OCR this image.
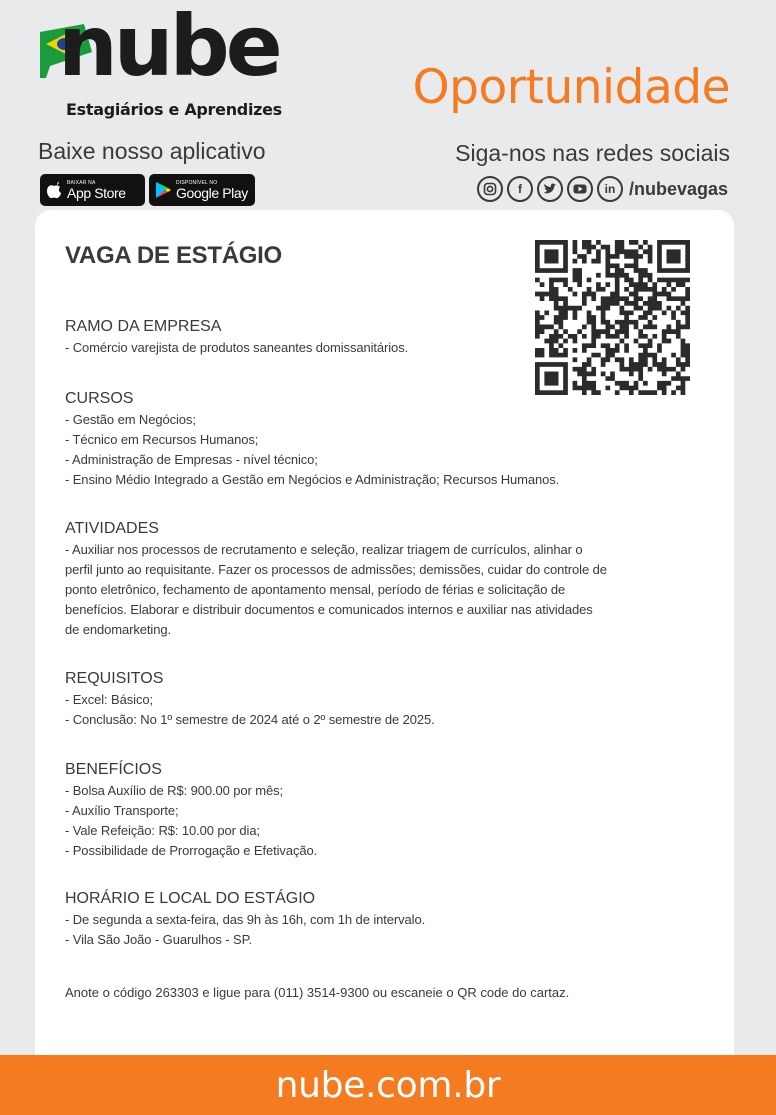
nube
Estagiários e Aprendizes	Oportunidade
Baixe nosso aplicativo
BAIXAR NA
App Store
DISPONÍVEL NO
Google Play
Siga-nos nas redes sociais
f	in /nubevagas
VAGA DE ESTÁGIO
RAMO DA EMPRESA
- Comércio varejista de produtos saneantes domissanitários.
CURSOS
- Gestão em Negócios;
- Técnico em Recursos Humanos;
- Administração de Empresas - nível técnico;
- Ensino Médio Integrado a Gestão em Negócios e Administração; Recursos Humanos.
ATIVIDADES
- Auxiliar nos processos de recrutamento e seleção, realizar triagem de currículos, alinhar o
perfil junto ao requisitante. Fazer os processos de admissões; demissões, cuidar do controle de
ponto eletrônico, fechamento de apontamento mensal, período de férias e solicitação de
benefícios. Elaborar e distribuir documentos e comunicados internos e auxiliar nas atividades
de endomarketing.
REQUISITOS
- Excel: Básico;
- Conclusão: No 1º semestre de 2024 até o 2º semestre de 2025.
BENEFÍCIOS
- Bolsa Auxílio de R$: 900.00 por mês;
- Auxílio Transporte;
- Vale Refeição: R$: 10.00 por dia;
- Possibilidade de Prorrogação e Efetivação.
HORÁRIO E LOCAL DO ESTÁGIO
- De segunda a sexta-feira, das 9h às 16h, com 1h de intervalo.
- Vila São João - Guarulhos - SP.
Anote o código 263303 e ligue para (011) 3514-9300 ou escaneie o QR code do cartaz.
nube.com.br
